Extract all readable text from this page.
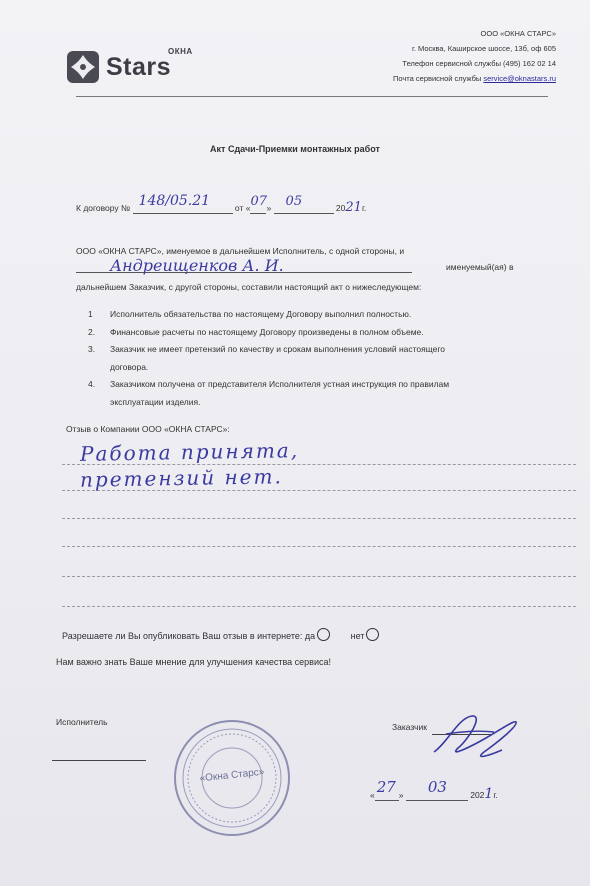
Stars
ОКНА
ООО «ОКНА СТАРС»
г. Москва, Каширское шоссе, 13б, оф 605
Телефон сервисной службы (495) 162 02 14
Почта сервисной службы service@oknastars.ru
Акт Сдачи-Приемки монтажных работ
К договору № 148/05.21	от « 07 » 05	2021г.
ООО «ОКНА СТАРС», именуемое в дальнейшем Исполнитель, с одной стороны, и
Андреищенков А. И.	именуемый(ая) в
дальнейшем Заказчик, с другой стороны, составили настоящий акт о нижеследующем:
1	Исполнитель обязательства по настоящему Договору выполнил полностью.
2.	Финансовые расчеты по настоящему Договору произведены в полном объеме.
3.	Заказчик не имеет претензий по качеству и срокам выполнения условий настоящего
договора.
4.	Заказчиком получена от представителя Исполнителя устная инструкция по правилам
эксплуатации изделия.
Отзыв о Компании ООО «ОКНА СТАРС»:
Работа принята,
претензий нет.
Разрешаете ли Вы опубликовать Ваш отзыв в интернете: да	нет
Нам важно знать Ваше мнение для улучшения качества сервиса!
Исполнитель
«Окна Старс»
Заказчик
« 27 » 03	2021г.
